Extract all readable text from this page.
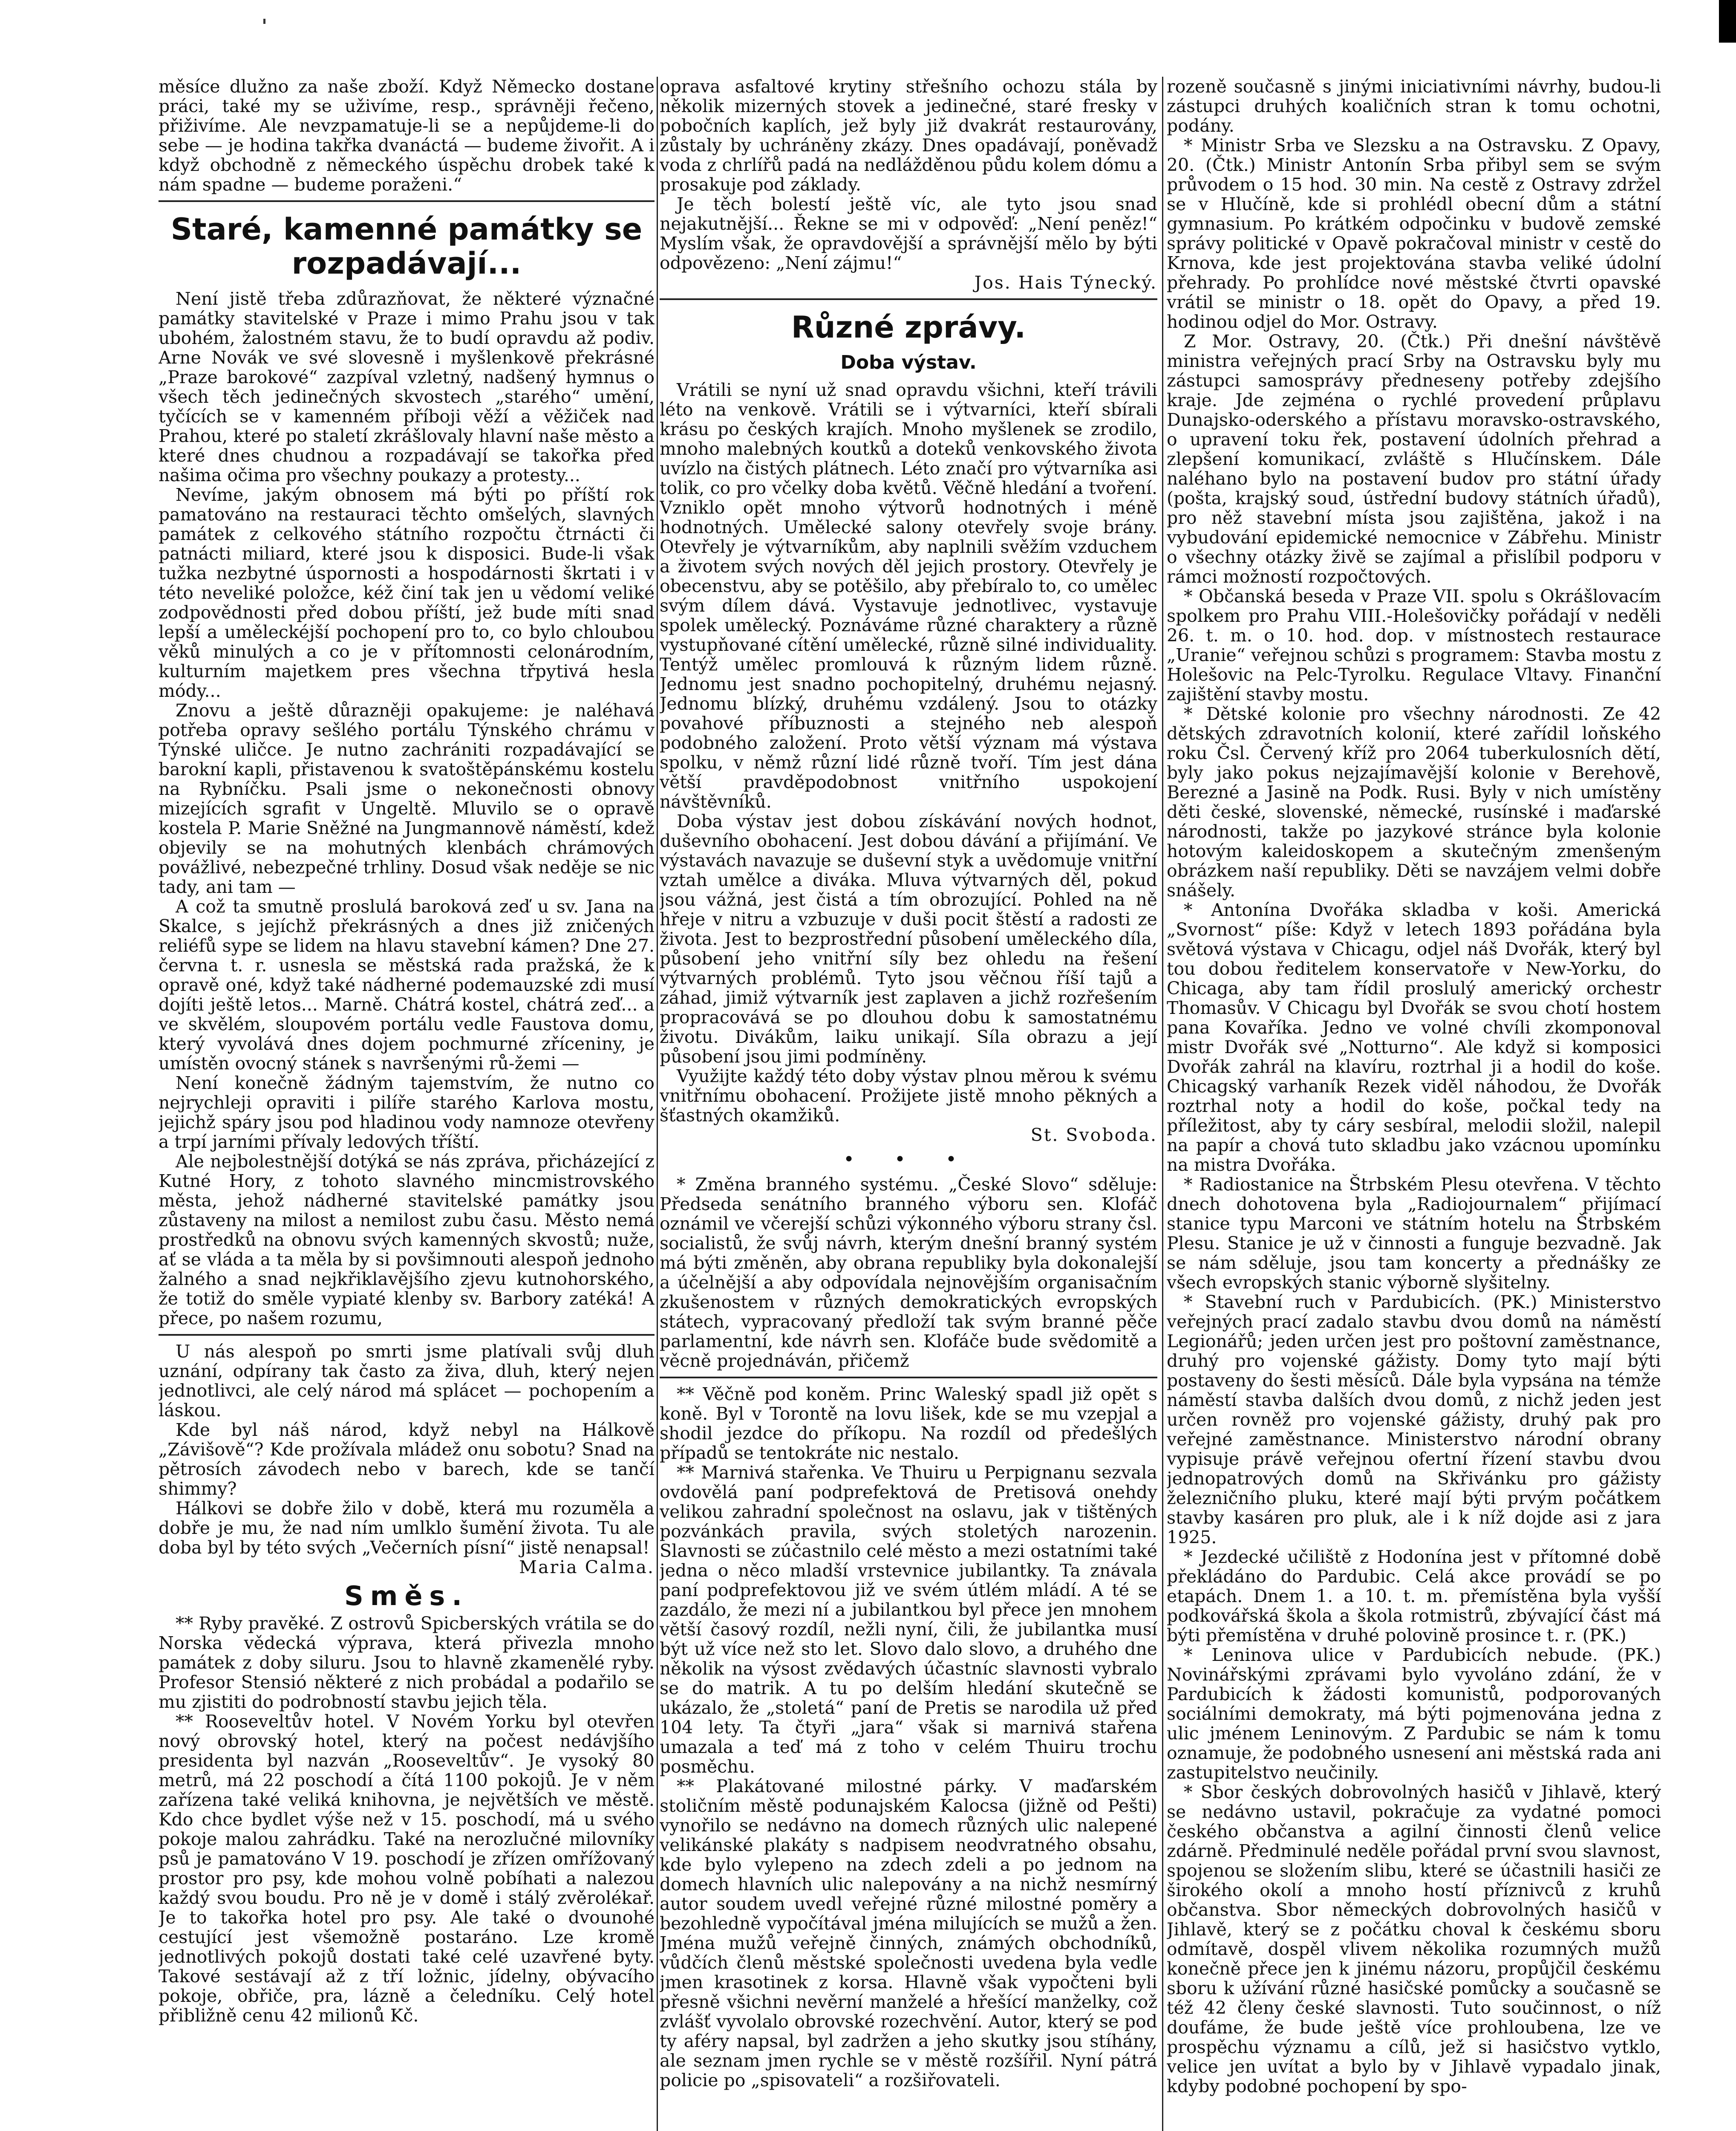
měsíce dlužno za naše zboží. Když Německo dostane práci, také my se uživíme, resp., správněji řečeno, přiživíme. Ale nevzpamatuje-li se a nepůjdeme-li do sebe — je hodina takřka dvanáctá — budeme živořit. A i když obchodně z německého úspěchu drobek také k nám spadne — budeme poraženi.“

Staré, kamenné památky se rozpadávají...

Není jistě třeba zdůrazňovat, že některé význačné památky stavitelské v Praze i mimo Prahu jsou v tak ubohém, žalostném stavu, že to budí opravdu až podiv. Arne Novák ve své slovesně i myšlenkově překrásné „Praze barokové“ zazpíval vzletný, nadšený hymnus o všech těch jedinečných skvostech „starého“ umění, tyčících se v kamenném příboji věží a věžiček nad Prahou, které po staletí zkrášlovaly hlavní naše město a které dnes chudnou a rozpadávají se takořka před našima očima pro všechny poukazy a protesty...

Nevíme, jakým obnosem má býti po příští rok pamatováno na restauraci těchto omšelých, slavných památek z celkového státního rozpočtu čtrnácti či patnácti miliard, které jsou k disposici. Bude-li však tužka nezbytné úspornosti a hospodárnosti škrtati i v této neveliké položce, kéž činí tak jen u vědomí veliké zodpovědnosti před dobou příští, jež bude míti snad lepší a uměleckéjší pochopení pro to, co bylo chloubou věků minulých a co je v přítomnosti celonárodním, kulturním majetkem pres všechna třpytivá hesla módy...

Znovu a ještě důrazněji opakujeme: je naléhavá potřeba opravy sešlého portálu Týnského chrámu v Týnské uličce. Je nutno zachrániti rozpadávající se barokní kapli, přistavenou k svatoštěpánskému kostelu na Rybníčku. Psali jsme o nekonečnosti obnovy mizejících sgrafit v Ungeltě. Mluvilo se o opravě kostela P. Marie Sněžné na Jungmannově náměstí, kdež objevily se na mohutných klenbách chrámových povážlivé, nebezpečné trhliny. Dosud však neděje se nic tady, ani tam —

A což ta smutně proslulá baroková zeď u sv. Jana na Skalce, s jejíchž překrásných a dnes již zničených reliéfů sype se lidem na hlavu stavební kámen? Dne 27. června t. r. usnesla se městská rada pražská, že k opravě oné, když také nádherné podemauzské zdi musí dojíti ještě letos... Marně. Chátrá kostel, chátrá zeď... a ve skvělém, sloupovém portálu vedle Faustova domu, který vyvolává dnes dojem pochmurné zříceniny, je umístěn ovocný stánek s navršenými rů-žemi —

Není konečně žádným tajemstvím, že nutno co nejrychleji opraviti i pilíře starého Karlova mostu, jejichž spáry jsou pod hladinou vody namnoze otevřeny a trpí jarními přívaly ledových tříští.

Ale nejbolestnější dotýká se nás zpráva, přicházející z Kutné Hory, z tohoto slavného mincmistrovského města, jehož nádherné stavitelské památky jsou zůstaveny na milost a nemilost zubu času. Město nemá prostředků na obnovu svých kamenných skvostů; nuže, ať se vláda a ta měla by si povšimnouti alespoň jednoho žalného a snad nejkřiklavějšího zjevu kutnohorského, že totiž do směle vypiaté klenby sv. Barbory zatéká! A přece, po našem rozumu,

U nás alespoň po smrti jsme platívali svůj dluh uznání, odpírany tak často za živa, dluh, který nejen jednotlivci, ale celý národ má splácet — pochopením a láskou.

Kde byl náš národ, když nebyl na Hálkově „Závišově“? Kde prožívala mládež onu sobotu? Snad na pětrosích závodech nebo v barech, kde se tančí shimmy?

Hálkovi se dobře žilo v době, která mu rozuměla a dobře je mu, že nad ním umlklo šumění života. Tu ale doba byl by této svých „Večerních písní“ jistě nenapsal!

Maria Calma.
Směs.

** Ryby pravěké. Z ostrovů Spicberských vrátila se do Norska vědecká výprava, která přivezla mnoho památek z doby siluru. Jsou to hlavně zkamenělé ryby. Profesor Stensió některé z nich probádal a podařilo se mu zjistiti do podrobností stavbu jejich těla.

** Rooseveltův hotel. V Novém Yorku byl otevřen nový obrovský hotel, který na počest nedávjšího presidenta byl nazván „Rooseveltův“. Je vysoký 80 metrů, má 22 poschodí a čítá 1100 pokojů. Je v něm zařízena také veliká knihovna, je největších ve městě. Kdo chce bydlet výše než v 15. poschodí, má u svého pokoje malou zahrádku. Také na nerozlučné milovníky psů je pamatováno V 19. poschodí je zřízen omřížovaný prostor pro psy, kde mohou volně pobíhati a nalezou každý svou boudu. Pro ně je v domě i stálý zvěrolékař. Je to takořka hotel pro psy. Ale také o dvounohé cestující jest všemožně postaráno. Lze kromě jednotlivých pokojů dostati také celé uzavřené byty. Takové sestávají až z tří ložnic, jídelny, obývacího pokoje, obřiče, pra, lázně a čeledníku. Celý hotel přibližně cenu 42 milionů Kč.

oprava asfaltové krytiny střešního ochozu stála by několik mizerných stovek a jedinečné, staré fresky v pobočních kaplích, jež byly již dvakrát restaurovány, zůstaly by uchráněny zkázy. Dnes opadávají, poněvadž voda z chrlířů padá na nedlážděnou půdu kolem dómu a prosakuje pod základy.

Je těch bolestí ještě víc, ale tyto jsou snad nejakutnější... Řekne se mi v odpověď: „Není peněz!“ Myslím však, že opravdovější a správnější mělo by býti odpovězeno: „Není zájmu!“

Jos. Hais Týnecký.
Různé zprávy.
Doba výstav.

Vrátili se nyní už snad opravdu všichni, kteří trávili léto na venkově. Vrátili se i výtvarníci, kteří sbírali krásu po českých krajích. Mnoho myšlenek se zrodilo, mnoho malebných koutků a doteků venkovského života uvízlo na čistých plátnech. Léto značí pro výtvarníka asi tolik, co pro včelky doba květů. Věčně hledání a tvoření. Vzniklo opět mnoho výtvorů hodnotných i méně hodnotných. Umělecké salony otevřely svoje brány. Otevřely je výtvarníkům, aby naplnili svěžím vzduchem a životem svých nových děl jejich prostory. Otevřely je obecenstvu, aby se potěšilo, aby přebíralo to, co umělec svým dílem dává. Vystavuje jednotlivec, vystavuje spolek umělecký. Poznáváme různé charaktery a různě vystupňované cítění umělecké, různě silné individuality. Tentýž umělec promlouvá k různým lidem různě. Jednomu jest snadno pochopitelný, druhému nejasný. Jednomu blízký, druhému vzdálený. Jsou to otázky povahové příbuznosti a stejného neb alespoň podobného založení. Proto větší význam má výstava spolku, v němž různí lidé různě tvoří. Tím jest dána větší pravděpodobnost vnitřního uspokojení návštěvníků.

Doba výstav jest dobou získávání nových hodnot, duševního obohacení. Jest dobou dávání a přijímání. Ve výstavách navazuje se duševní styk a uvědomuje vnitřní vztah umělce a diváka. Mluva výtvarných děl, pokud jsou vážná, jest čistá a tím obrozující. Pohled na ně hřeje v nitru a vzbuzuje v duši pocit štěstí a radosti ze života. Jest to bezprostřední působení uměleckého díla, působení jeho vnitřní síly bez ohledu na řešení výtvarných problémů. Tyto jsou věčnou říší tajů a záhad, jimiž výtvarník jest zaplaven a jichž rozřešením propracovává se po dlouhou dobu k samostatnému životu. Divákům, laiku unikají. Síla obrazu a její působení jsou jimi podmíněny.

Využijte každý této doby výstav plnou měrou k svému vnitřnímu obohacení. Prožijete jistě mnoho pěkných a šťastných okamžiků.

St. Svoboda.
• • •

* Změna branného systému. „České Slovo“ sděluje: Předseda senátního branného výboru sen. Klofáč oznámil ve včerejší schůzi výkonného výboru strany čsl. socialistů, že svůj návrh, kterým dnešní branný systém má býti změněn, aby obrana republiky byla dokonalejší a účelnější a aby odpovídala nejnovějším organisačním zkušenostem v různých demokratických evropských státech, vypracovaný předloží tak svým branné pěče parlamentní, kde návrh sen. Klofáče bude svědomitě a věcně projednáván, přičemž

** Věčně pod koněm. Princ Waleský spadl již opět s koně. Byl v Torontě na lovu lišek, kde se mu vzepjal a shodil jezdce do příkopu. Na rozdíl od předešlých případů se tentokráte nic nestalo.

** Marnivá stařenka. Ve Thuiru u Perpignanu sezvala ovdovělá paní podprefektová de Pretisová onehdy velikou zahradní společnost na oslavu, jak v tištěných pozvánkách pravila, svých stoletých narozenin. Slavnosti se zúčastnilo celé město a mezi ostatními také jedna o něco mladší vrstevnice jubilantky. Ta znávala paní podprefektovou již ve svém útlém mládí. A té se zazdálo, že mezi ní a jubilantkou byl přece jen mnohem větší časový rozdíl, nežli nyní, čili, že jubilantka musí být už více než sto let. Slovo dalo slovo, a druhého dne několik na výsost zvědavých účastníc slavnosti vybralo se do matrik. A tu po delším hledání skutečně se ukázalo, že „stoletá“ paní de Pretis se narodila už před 104 lety. Ta čtyři „jara“ však si marnivá stařena umazala a teď má z toho v celém Thuiru trochu posměchu.

** Plakátované milostné párky. V maďarském stoličním městě podunajském Kalocsa (jižně od Pešti) vynořilo se nedávno na domech různých ulic nalepené velikánské plakáty s nadpisem neodvratného obsahu, kde bylo vylepeno na zdech zdeli a po jednom na domech hlavních ulic nalepovány a na nichž nesmírný autor soudem uvedl veřejné různé milostné poměry a bezohledně vypočítával jména milujících se mužů a žen. Jména mužů veřejně činných, známých obchodníků, vůdčích členů městské společnosti uvedena byla vedle jmen krasotinek z korsa. Hlavně však vypočteni byli přesně všichni nevěrní manželé a hřešící manželky, což zvlášť vyvolalo obrovské rozechvění. Autor, který se pod ty aféry napsal, byl zadržen a jeho skutky jsou stíhány, ale seznam jmen rychle se v městě rozšířil. Nyní pátrá policie po „spisovateli“ a rozšiřovateli.

rozeně současně s jinými iniciativními návrhy, budou-li zástupci druhých koaličních stran k tomu ochotni, podány.

* Ministr Srba ve Slezsku a na Ostravsku. Z Opavy, 20. (Čtk.) Ministr Antonín Srba přibyl sem se svým průvodem o 15 hod. 30 min. Na cestě z Ostravy zdržel se v Hlučíně, kde si prohlédl obecní dům a státní gymnasium. Po krátkém odpočinku v budově zemské správy politické v Opavě pokračoval ministr v cestě do Krnova, kde jest projektována stavba veliké údolní přehrady. Po prohlídce nové městské čtvrti opavské vrátil se ministr o 18. opět do Opavy, a před 19. hodinou odjel do Mor. Ostravy.

Z Mor. Ostravy, 20. (Čtk.) Při dnešní návštěvě ministra veřejných prací Srby na Ostravsku byly mu zástupci samosprávy předneseny potřeby zdejšího kraje. Jde zejména o rychlé provedení průplavu Dunajsko-oderského a přístavu moravsko-ostravského, o upravení toku řek, postavení údolních přehrad a zlepšení komunikací, zvláště s Hlučínskem. Dále naléhano bylo na postavení budov pro státní úřady (pošta, krajský soud, ústřední budovy státních úřadů), pro něž stavební místa jsou zajištěna, jakož i na vybudování epidemické nemocnice v Zábřehu. Ministr o všechny otázky živě se zajímal a přislíbil podporu v rámci možností rozpočtových.

* Občanská beseda v Praze VII. spolu s Okrášlovacím spolkem pro Prahu VIII.-Holešovičky pořádají v neděli 26. t. m. o 10. hod. dop. v místnostech restaurace „Uranie“ veřejnou schůzi s programem: Stavba mostu z Holešovic na Pelc-Tyrolku. Regulace Vltavy. Finanční zajištění stavby mostu.

* Dětské kolonie pro všechny národnosti. Ze 42 dětských zdravotních kolonií, které zařídil loňského roku Čsl. Červený kříž pro 2064 tuberkulosních dětí, byly jako pokus nejzajímavější kolonie v Berehově, Berezné a Jasině na Podk. Rusi. Byly v nich umístěny děti české, slovenské, německé, rusínské i maďarské národnosti, takže po jazykové stránce byla kolonie hotovým kaleidoskopem a skutečným zmenšeným obrázkem naší republiky. Děti se navzájem velmi dobře snášely.

* Antonína Dvořáka skladba v koši. Americká „Svornost“ píše: Když v letech 1893 pořádána byla světová výstava v Chicagu, odjel náš Dvořák, který byl tou dobou ředitelem konservatoře v New-Yorku, do Chicaga, aby tam řídil proslulý americký orchestr Thomasův. V Chicagu byl Dvořák se svou chotí hostem pana Kovaříka. Jedno ve volné chvíli zkomponoval mistr Dvořák své „Notturno“. Ale když si komposici Dvořák zahrál na klavíru, roztrhal ji a hodil do koše. Chicagský varhaník Rezek viděl náhodou, že Dvořák roztrhal noty a hodil do koše, počkal tedy na příležitost, aby ty cáry sesbíral, melodii složil, nalepil na papír a chová tuto skladbu jako vzácnou upomínku na mistra Dvořáka.

* Radiostanice na Štrbském Plesu otevřena. V těchto dnech dohotovena byla „Radiojournalem“ přijímací stanice typu Marconi ve státním hotelu na Štrbském Plesu. Stanice je už v činnosti a funguje bezvadně. Jak se nám sděluje, jsou tam koncerty a přednášky ze všech evropských stanic výborně slyšitelny.

* Stavební ruch v Pardubicích. (PK.) Ministerstvo veřejných prací zadalo stavbu dvou domů na náměstí Legionářů; jeden určen jest pro poštovní zaměstnance, druhý pro vojenské gážisty. Domy tyto mají býti postaveny do šesti měsíců. Dále byla vypsána na témže náměstí stavba dalších dvou domů, z nichž jeden jest určen rovněž pro vojenské gážisty, druhý pak pro veřejné zaměstnance. Ministerstvo národní obrany vypisuje právě veřejnou ofertní řízení stavbu dvou jednopatrových domů na Skřivánku pro gážisty železničního pluku, které mají býti prvým počátkem stavby kasáren pro pluk, ale i k níž dojde asi z jara 1925.

* Jezdecké učiliště z Hodonína jest v přítomné době překládáno do Pardubic. Celá akce provádí se po etapách. Dnem 1. a 10. t. m. přemístěna byla vyšší podkovářská škola a škola rotmistrů, zbývající část má býti přemístěna v druhé polovině prosince t. r. (PK.)

* Leninova ulice v Pardubicích nebude. (PK.) Novinářskými zprávami bylo vyvoláno zdání, že v Pardubicích k žádosti komunistů, podporovaných sociálními demokraty, má býti pojmenována jedna z ulic jménem Leninovým. Z Pardubic se nám k tomu oznamuje, že podobného usnesení ani městská rada ani zastupitelstvo neučinily.

* Sbor českých dobrovolných hasičů v Jihlavě, který se nedávno ustavil, pokračuje za vydatné pomoci českého občanstva a agilní činnosti členů velice zdárně. Předminulé neděle pořádal první svou slavnost, spojenou se složením slibu, které se účastnili hasiči ze širokého okolí a mnoho hostí příznivců z kruhů občanstva. Sbor německých dobrovolných hasičů v Jihlavě, který se z počátku choval k českému sboru odmítavě, dospěl vlivem několika rozumných mužů konečně přece jen k jinému názoru, propůjčil českému sboru k užívání různé hasičské pomůcky a současně se též 42 členy české slavnosti. Tuto součinnost, o níž doufáme, že bude ještě více prohloubena, lze ve prospěchu významu a cílů, jež si hasičstvo vytklo, velice jen uvítat a bylo by v Jihlavě vypadalo jinak, kdyby podobné pochopení by spo-
